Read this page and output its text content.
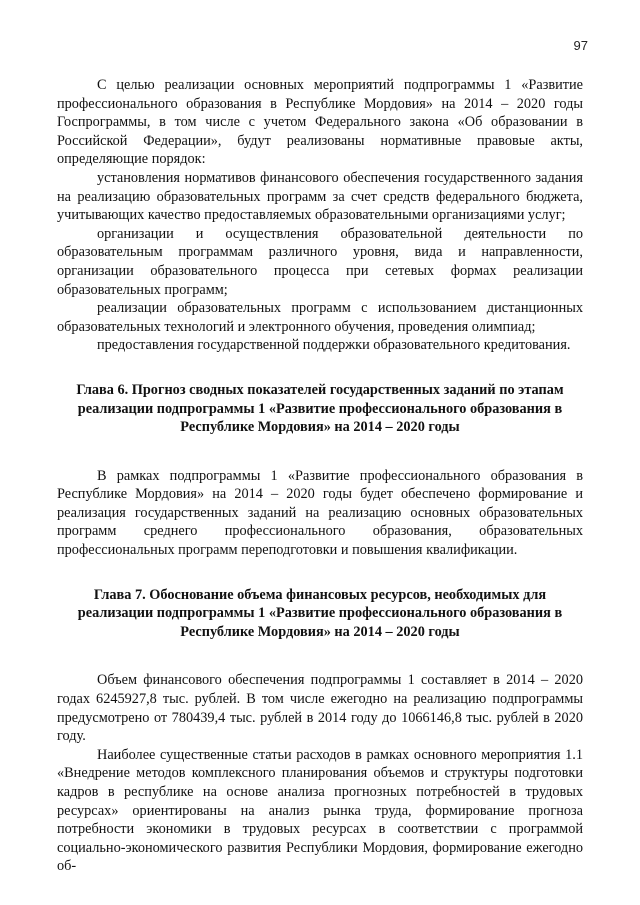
97

С целью реализации основных мероприятий подпрограммы 1 «Развитие профессионального образования в Республике Мордовия» на 2014 – 2020 годы Госпрограммы, в том числе с учетом Федерального закона «Об образовании в Российской Федерации», будут реализованы нормативные правовые акты, определяющие порядок:

установления нормативов финансового обеспечения государственного задания на реализацию образовательных программ за счет средств федерального бюджета, учитывающих качество предоставляемых образовательными организациями услуг;

организации и осуществления образовательной деятельности по образовательным программам различного уровня, вида и направленности, организации образовательного процесса при сетевых формах реализации образовательных программ;

реализации образовательных программ с использованием дистанционных образовательных технологий и электронного обучения, проведения олимпиад;

предоставления государственной поддержки образовательного кредитования.

Глава 6. Прогноз сводных показателей государственных заданий по этапам реализации подпрограммы 1 «Развитие профессионального образования в Республике Мордовия» на 2014 – 2020 годы

В рамках подпрограммы 1 «Развитие профессионального образования в Республике Мордовия» на 2014 – 2020 годы будет обеспечено формирование и реализация государственных заданий на реализацию основных образовательных программ среднего профессионального образования, образовательных профессиональных программ переподготовки и повышения квалификации.

Глава 7. Обоснование объема финансовых ресурсов, необходимых для реализации подпрограммы 1 «Развитие профессионального образования в Республике Мордовия» на 2014 – 2020 годы

Объем финансового обеспечения подпрограммы 1 составляет в 2014 – 2020 годах 6245927,8 тыс. рублей. В том числе ежегодно на реализацию подпрограммы предусмотрено от 780439,4 тыс. рублей в 2014 году до 1066146,8 тыс. рублей в 2020 году.

Наиболее существенные статьи расходов в рамках основного мероприятия 1.1 «Внедрение методов комплексного планирования объемов и структуры подготовки кадров в республике на основе анализа прогнозных потребностей в трудовых ресурсах» ориентированы на анализ рынка труда, формирование прогноза потребности экономики в трудовых ресурсах в соответствии с программой социально-экономического развития Республики Мордовия, формирование ежегодно об-
